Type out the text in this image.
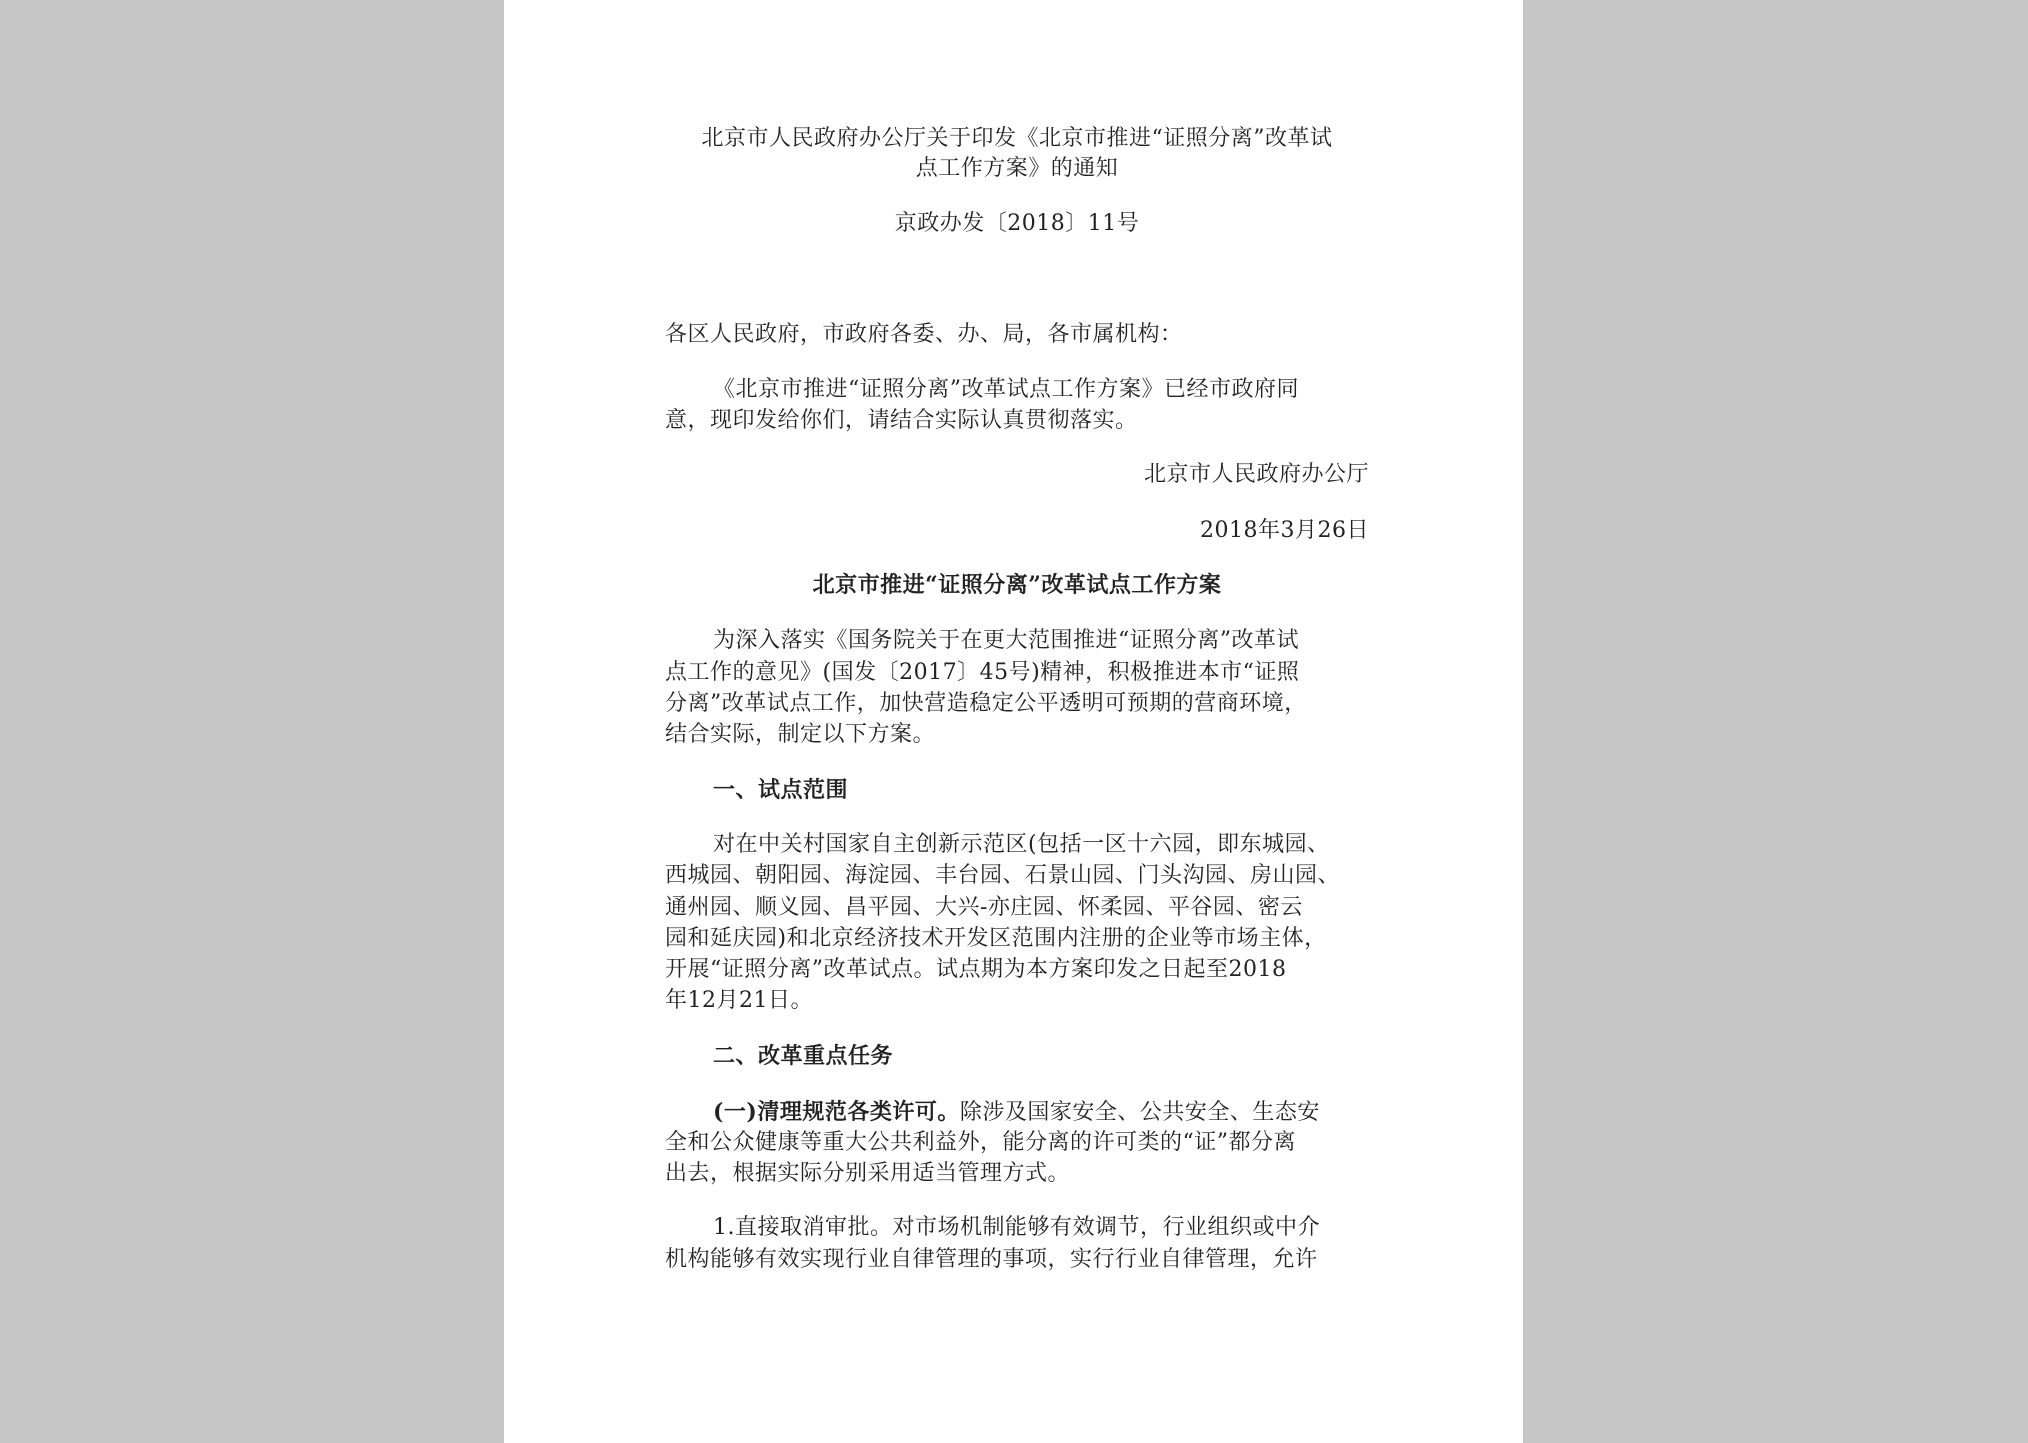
北京市人民政府办公厅关于印发《北京市推进“证照分离”改革试
点工作方案》的通知
京政办发〔2018〕11号
各区人民政府，市政府各委、办、局，各市属机构：
《北京市推进“证照分离”改革试点工作方案》已经市政府同
意，现印发给你们，请结合实际认真贯彻落实。
北京市人民政府办公厅
2018年3月26日
北京市推进“证照分离”改革试点工作方案
为深入落实《国务院关于在更大范围推进“证照分离”改革试
点工作的意见》(国发〔2017〕45号)精神，积极推进本市“证照
分离”改革试点工作，加快营造稳定公平透明可预期的营商环境，
结合实际，制定以下方案。
一、试点范围
对在中关村国家自主创新示范区(包括一区十六园，即东城园、
西城园、朝阳园、海淀园、丰台园、石景山园、门头沟园、房山园、
通州园、顺义园、昌平园、大兴-亦庄园、怀柔园、平谷园、密云
园和延庆园)和北京经济技术开发区范围内注册的企业等市场主体，
开展“证照分离”改革试点。试点期为本方案印发之日起至2018
年12月21日。
二、改革重点任务
(一)清理规范各类许可。除涉及国家安全、公共安全、生态安
全和公众健康等重大公共利益外，能分离的许可类的“证”都分离
出去，根据实际分别采用适当管理方式。
1.直接取消审批。对市场机制能够有效调节，行业组织或中介
机构能够有效实现行业自律管理的事项，实行行业自律管理，允许
